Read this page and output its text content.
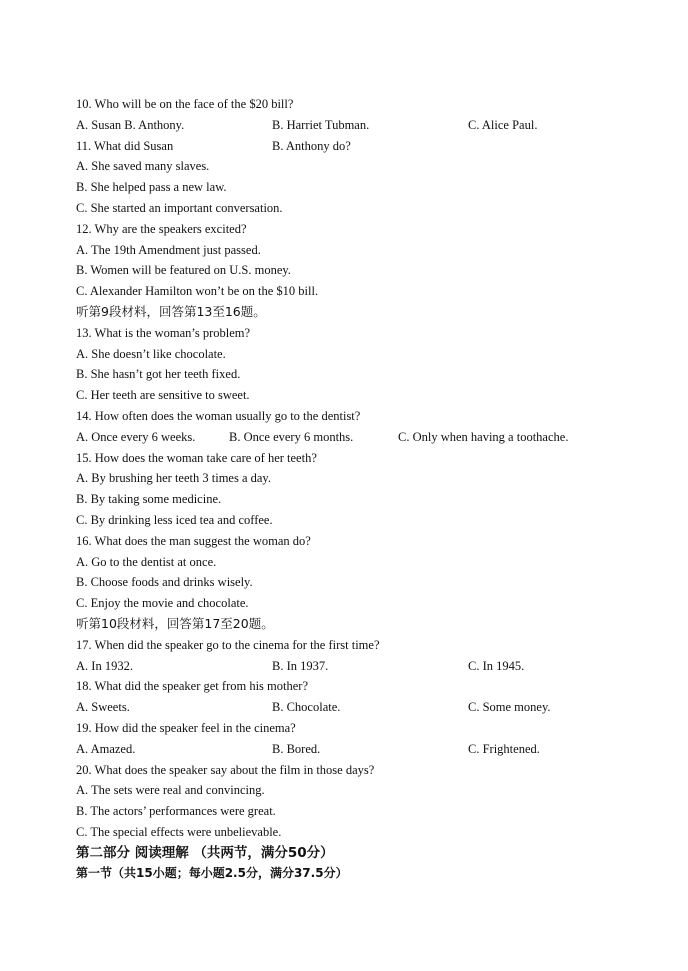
10. Who will be on the face of the $20 bill?
A. Susan B. Anthony.	B. Harriet Tubman.	C. Alice Paul.
11. What did Susan	B. Anthony do?
A. She saved many slaves.
B. She helped pass a new law.
C. She started an important conversation.
12. Why are the speakers excited?
A. The 19th Amendment just passed.
B. Women will be featured on U.S. money.
C. Alexander Hamilton won’t be on the $10 bill.
听第9段材料，回答第13至16题。
13. What is the woman’s problem?
A. She doesn’t like chocolate.
B. She hasn’t got her teeth fixed.
C. Her teeth are sensitive to sweet.
14. How often does the woman usually go to the dentist?
A. Once every 6 weeks.	B. Once every 6 months.	C. Only when having a toothache.
15. How does the woman take care of her teeth?
A. By brushing her teeth 3 times a day.
B. By taking some medicine.
C. By drinking less iced tea and coffee.
16. What does the man suggest the woman do?
A. Go to the dentist at once.
B. Choose foods and drinks wisely.
C. Enjoy the movie and chocolate.
听第10段材料，回答第17至20题。
17. When did the speaker go to the cinema for the first time?
A. In 1932.	B. In 1937.	C. In 1945.
18. What did the speaker get from his mother?
A. Sweets.	B. Chocolate.	C. Some money.
19. How did the speaker feel in the cinema?
A. Amazed.	B. Bored.	C. Frightened.
20. What does the speaker say about the film in those days?
A. The sets were real and convincing.
B. The actors’ performances were great.
C. The special effects were unbelievable.
第二部分 阅读理解 （共两节，满分50分）
第一节（共15小题；每小题2.5分，满分37.5分）
